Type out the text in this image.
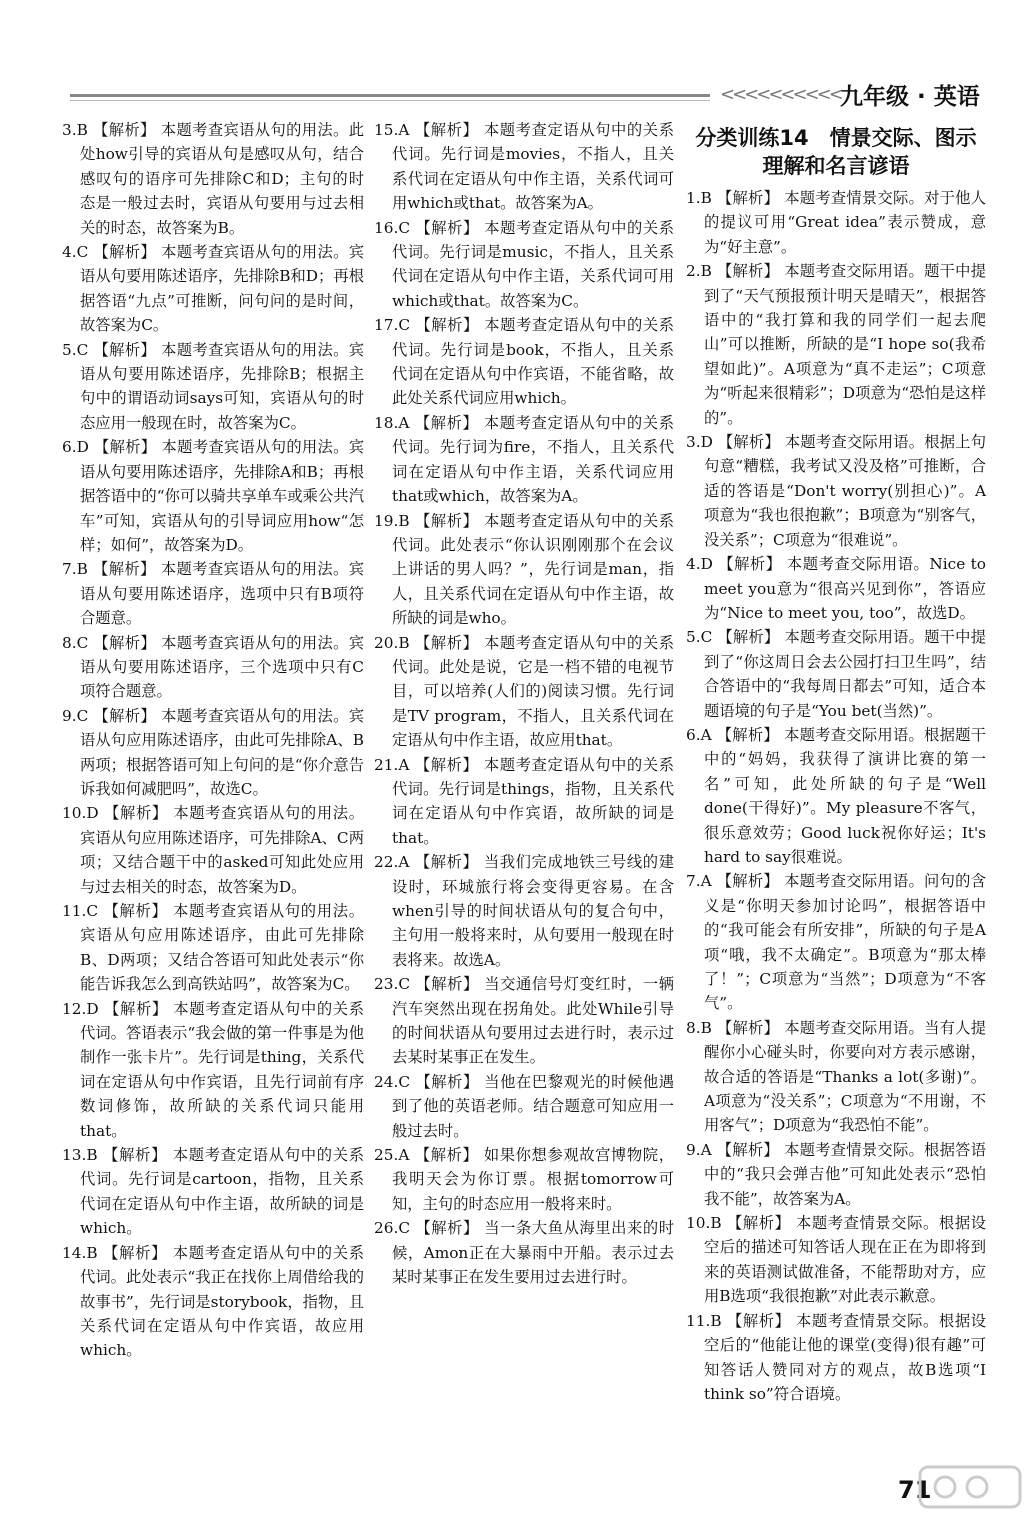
<<<<<<<<<< 九年级 · 英语
3.B 【解析】 本题考查宾语从句的用法。此处how引导的宾语从句是感叹从句，结合感叹句的语序可先排除C和D；主句的时态是一般过去时，宾语从句要用与过去相关的时态，故答案为B。
4.C 【解析】 本题考查宾语从句的用法。宾语从句要用陈述语序，先排除B和D；再根据答语“九点”可推断，问句问的是时间，故答案为C。
5.C 【解析】 本题考查宾语从句的用法。宾语从句要用陈述语序，先排除B；根据主句中的谓语动词says可知，宾语从句的时态应用一般现在时，故答案为C。
6.D 【解析】 本题考查宾语从句的用法。宾语从句要用陈述语序，先排除A和B；再根据答语中的“你可以骑共享单车或乘公共汽车”可知，宾语从句的引导词应用how“怎样；如何”，故答案为D。
7.B 【解析】 本题考查宾语从句的用法。宾语从句要用陈述语序，选项中只有B项符合题意。
8.C 【解析】 本题考查宾语从句的用法。宾语从句要用陈述语序，三个选项中只有C项符合题意。
9.C 【解析】 本题考查宾语从句的用法。宾语从句应用陈述语序，由此可先排除A、B两项；根据答语可知上句问的是“你介意告诉我如何减肥吗”，故选C。
10.D 【解析】 本题考查宾语从句的用法。宾语从句应用陈述语序，可先排除A、C两项；又结合题干中的asked可知此处应用与过去相关的时态，故答案为D。
11.C 【解析】 本题考查宾语从句的用法。宾语从句应用陈述语序，由此可先排除B、D两项；又结合答语可知此处表示“你能告诉我怎么到高铁站吗”，故答案为C。
12.D 【解析】 本题考查定语从句中的关系代词。答语表示“我会做的第一件事是为他制作一张卡片”。先行词是thing，关系代词在定语从句中作宾语，且先行词前有序数词修饰，故所缺的关系代词只能用that。
13.B 【解析】 本题考查定语从句中的关系代词。先行词是cartoon，指物，且关系代词在定语从句中作主语，故所缺的词是which。
14.B 【解析】 本题考查定语从句中的关系代词。此处表示“我正在找你上周借给我的故事书”，先行词是storybook，指物，且关系代词在定语从句中作宾语，故应用which。
15.A 【解析】 本题考查定语从句中的关系代词。先行词是movies，不指人，且关系代词在定语从句中作主语，关系代词可用which或that。故答案为A。
16.C 【解析】 本题考查定语从句中的关系代词。先行词是music，不指人，且关系代词在定语从句中作主语，关系代词可用which或that。故答案为C。
17.C 【解析】 本题考查定语从句中的关系代词。先行词是book，不指人，且关系代词在定语从句中作宾语，不能省略，故此处关系代词应用which。
18.A 【解析】 本题考查定语从句中的关系代词。先行词为fire，不指人，且关系代词在定语从句中作主语，关系代词应用that或which，故答案为A。
19.B 【解析】 本题考查定语从句中的关系代词。此处表示“你认识刚刚那个在会议上讲话的男人吗？”，先行词是man，指人，且关系代词在定语从句中作主语，故所缺的词是who。
20.B 【解析】 本题考查定语从句中的关系代词。此处是说，它是一档不错的电视节目，可以培养(人们的)阅读习惯。先行词是TV program，不指人，且关系代词在定语从句中作主语，故应用that。
21.A 【解析】 本题考查定语从句中的关系代词。先行词是things，指物，且关系代词在定语从句中作宾语，故所缺的词是that。
22.A 【解析】 当我们完成地铁三号线的建设时，环城旅行将会变得更容易。在含when引导的时间状语从句的复合句中，主句用一般将来时，从句要用一般现在时表将来。故选A。
23.C 【解析】 当交通信号灯变红时，一辆汽车突然出现在拐角处。此处While引导的时间状语从句要用过去进行时，表示过去某时某事正在发生。
24.C 【解析】 当他在巴黎观光的时候他遇到了他的英语老师。结合题意可知应用一般过去时。
25.A 【解析】 如果你想参观故宫博物院，我明天会为你订票。根据tomorrow可知，主句的时态应用一般将来时。
26.C 【解析】 当一条大鱼从海里出来的时候，Amon正在大暴雨中开船。表示过去某时某事正在发生要用过去进行时。
分类训练14　情景交际、图示
理解和名言谚语
1.B 【解析】 本题考查情景交际。对于他人的提议可用“Great idea”表示赞成，意为“好主意”。
2.B 【解析】 本题考查交际用语。题干中提到了“天气预报预计明天是晴天”，根据答语中的“我打算和我的同学们一起去爬山”可以推断，所缺的是“I hope so(我希望如此)”。A项意为“真不走运”；C项意为“听起来很精彩”；D项意为“恐怕是这样的”。
3.D 【解析】 本题考查交际用语。根据上句句意“糟糕，我考试又没及格”可推断，合适的答语是“Don't worry(别担心)”。A项意为“我也很抱歉”；B项意为“别客气，没关系”；C项意为“很难说”。
4.D 【解析】 本题考查交际用语。Nice to meet you意为“很高兴见到你”，答语应为“Nice to meet you, too”，故选D。
5.C 【解析】 本题考查交际用语。题干中提到了“你这周日会去公园打扫卫生吗”，结合答语中的“我每周日都去”可知，适合本题语境的句子是“You bet(当然)”。
6.A 【解析】 本题考查交际用语。根据题干中的“妈妈，我获得了演讲比赛的第一名”可知，此处所缺的句子是“Well done(干得好)”。My pleasure不客气，很乐意效劳；Good luck祝你好运；It's hard to say很难说。
7.A 【解析】 本题考查交际用语。问句的含义是“你明天参加讨论吗”，根据答语中的“我可能会有所安排”，所缺的句子是A项“哦，我不太确定”。B项意为“那太棒了！”；C项意为“当然”；D项意为“不客气”。
8.B 【解析】 本题考查交际用语。当有人提醒你小心碰头时，你要向对方表示感谢，故合适的答语是“Thanks a lot(多谢)”。A项意为“没关系”；C项意为“不用谢，不用客气”；D项意为“我恐怕不能”。
9.A 【解析】 本题考查情景交际。根据答语中的“我只会弹吉他”可知此处表示“恐怕我不能”，故答案为A。
10.B 【解析】 本题考查情景交际。根据设空后的描述可知答话人现在正在为即将到来的英语测试做准备，不能帮助对方，应用B选项“我很抱歉”对此表示歉意。
11.B 【解析】 本题考查情景交际。根据设空后的“他能让他的课堂(变得)很有趣”可知答话人赞同对方的观点，故B选项“I think so”符合语境。
71
